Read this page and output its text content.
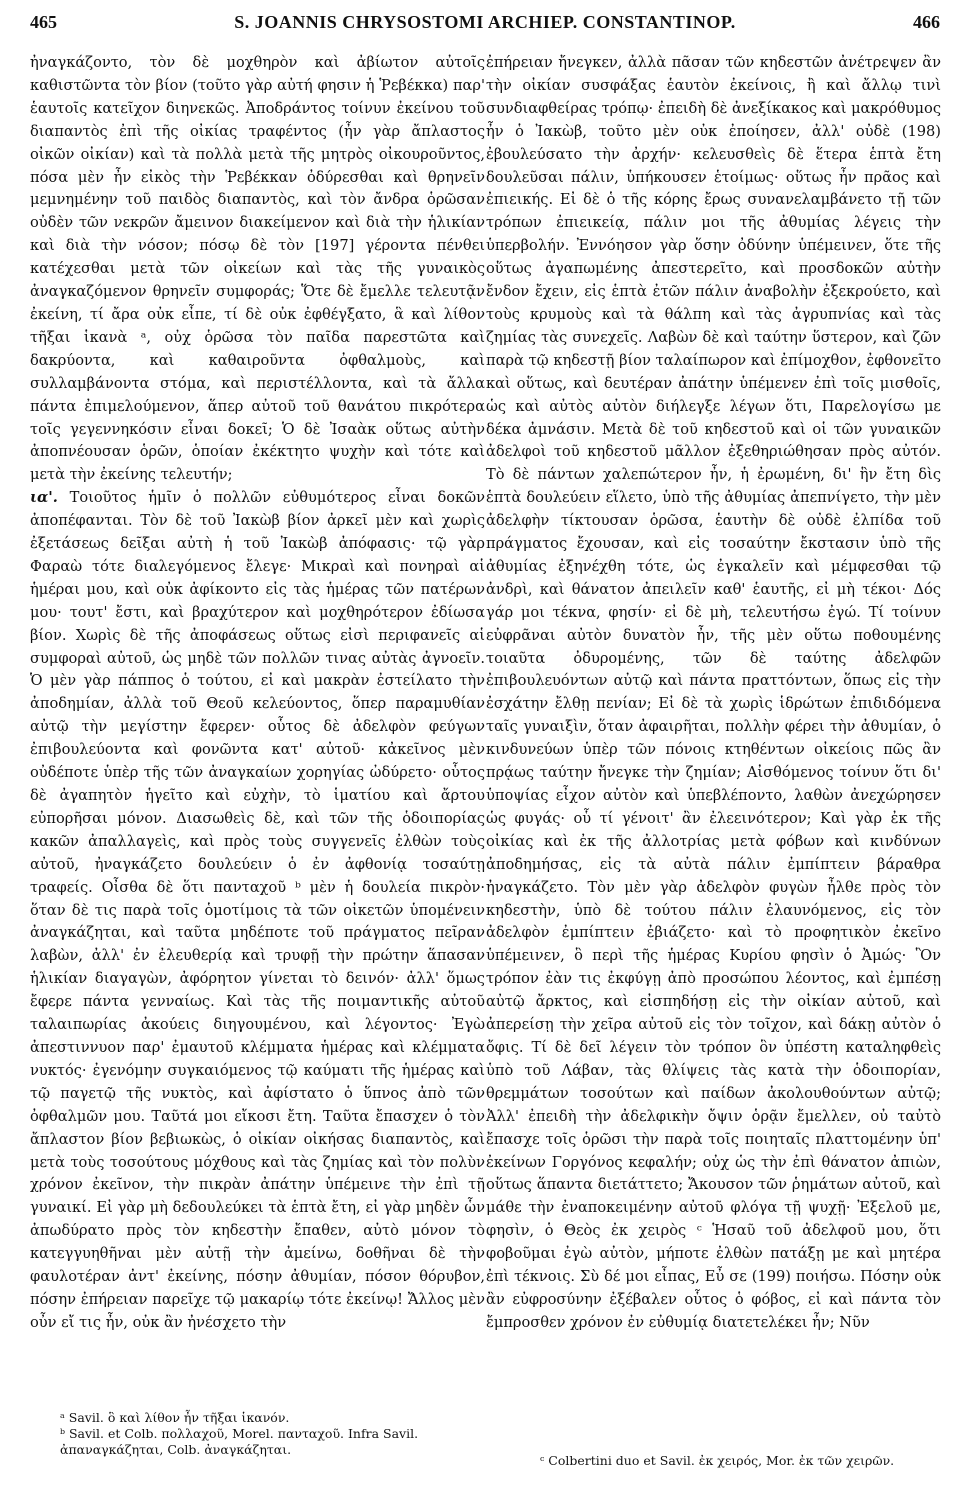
465	S. JOANNIS CHRYSOSTOMI ARCHIEP. CONSTANTINOP.	466

ἠναγκάζοντο, τὸν δὲ μοχθηρὸν καὶ ἀβίωτον αὐτοῖς καθιστῶντα τὸν βίον (τοῦτο γὰρ αὐτή φησιν ἡ Ῥεβέκκα) παρ' ἑαυτοῖς κατεῖχον διηνεκῶς. Ἀποδράντος τοίνυν ἐκείνου τοῦ διαπαντὸς ἐπὶ τῆς οἰκίας τραφέντος (ἦν γὰρ ἄπλαστος οἰκῶν οἰκίαν) καὶ τὰ πολλὰ μετὰ τῆς μητρὸς οἰκουροῦντος, πόσα μὲν ἦν εἰκὸς τὴν Ῥεβέκκαν ὀδύρεσθαι καὶ θρηνεῖν μεμνημένην τοῦ παιδὸς διαπαντὸς, καὶ τὸν ἄνδρα ὁρῶσαν οὐδὲν τῶν νεκρῶν ἄμεινον διακείμενον καὶ διὰ τὴν ἡλικίαν καὶ διὰ τὴν νόσον; πόσῳ δὲ τὸν [197] γέροντα πένθει κατέχεσθαι μετὰ τῶν οἰκείων καὶ τὰς τῆς γυναικὸς ἀναγκαζόμενον θρηνεῖν συμφοράς; Ὅτε δὲ ἔμελλε τελευτᾷν ἐκείνη, τί ἄρα οὐκ εἶπε, τί δὲ οὐκ ἐφθέγξατο, ἃ καὶ λίθον τῆξαι ἱκανὰ ᵃ, οὐχ ὁρῶσα τὸν παῖδα παρεστῶτα καὶ δακρύοντα, καὶ καθαιροῦντα ὀφθαλμοὺς, καὶ συλλαμβάνοντα στόμα, καὶ περιστέλλοντα, καὶ τὰ ἄλλα πάντα ἐπιμελούμενον, ἅπερ αὐτοῦ τοῦ θανάτου πικρότερα τοῖς γεγεννηκόσιν εἶναι δοκεῖ; Ὁ δὲ Ἰσαὰκ οὕτως αὐτὴν ἀποπνέουσαν ὁρῶν, ὁποίαν ἐκέκτητο ψυχὴν καὶ τότε καὶ μετὰ τὴν ἐκείνης τελευτήν;

ια'. Τοιοῦτος ἡμῖν ὁ πολλῶν εὐθυμότερος εἶναι δοκῶν ἀποπέφανται. Τὸν δὲ τοῦ Ἰακὼβ βίον ἀρκεῖ μὲν καὶ χωρὶς ἐξετάσεως δεῖξαι αὐτὴ ἡ τοῦ Ἰακὼβ ἀπόφασις· τῷ γὰρ Φαραὼ τότε διαλεγόμενος ἔλεγε· Μικραὶ καὶ πονηραὶ αἱ ἡμέραι μου, καὶ οὐκ ἀφίκοντο εἰς τὰς ἡμέρας τῶν πατέρων μου· τουτ' ἔστι, καὶ βραχύτερον καὶ μοχθηρότερον ἐδίωσα βίον. Χωρὶς δὲ τῆς ἀποφάσεως οὕτως εἰσὶ περιφανεῖς αἱ συμφοραὶ αὐτοῦ, ὡς μηδὲ τῶν πολλῶν τινας αὐτὰς ἀγνοεῖν. Ὁ μὲν γὰρ πάππος ὁ τούτου, εἰ καὶ μακρὰν ἐστείλατο τὴν ἀποδημίαν, ἀλλὰ τοῦ Θεοῦ κελεύοντος, ὅπερ παραμυθίαν αὐτῷ τὴν μεγίστην ἔφερεν· οὗτος δὲ ἀδελφὸν φεύγων ἐπιβουλεύοντα καὶ φονῶντα κατ' αὐτοῦ· κἀκεῖνος μὲν οὐδέποτε ὑπὲρ τῆς τῶν ἀναγκαίων χορηγίας ὠδύρετο· οὗτος δὲ ἀγαπητὸν ἡγεῖτο καὶ εὐχὴν, τὸ ἱματίου καὶ ἄρτου εὐπορῆσαι μόνον. Διασωθεὶς δὲ, καὶ τῶν τῆς ὁδοιπορίας κακῶν ἀπαλλαγεὶς, καὶ πρὸς τοὺς συγγενεῖς ἐλθὼν τοὺς αὐτοῦ, ἠναγκάζετο δουλεύειν ὁ ἐν ἀφθονίᾳ τοσαύτῃ τραφείς. Οἶσθα δὲ ὅτι πανταχοῦ ᵇ μὲν ἡ δουλεία πικρὸν· ὅταν δὲ τις παρὰ τοῖς ὁμοτίμοις τὰ τῶν οἰκετῶν ὑπομένειν ἀναγκάζηται, καὶ ταῦτα μηδέποτε τοῦ πράγματος πεῖραν λαβὼν, ἀλλ' ἐν ἐλευθερίᾳ καὶ τρυφῇ τὴν πρώτην ἅπασαν ἡλικίαν διαγαγὼν, ἀφόρητον γίνεται τὸ δεινόν· ἀλλ' ὅμως ἔφερε πάντα γενναίως. Καὶ τὰς τῆς ποιμαντικῆς αὐτοῦ ταλαιπωρίας ἀκούεις διηγουμένου, καὶ λέγοντος· Ἐγὼ ἀπεστιννυον παρ' ἐμαυτοῦ κλέμματα ἡμέρας καὶ κλέμματα νυκτός· ἐγενόμην συγκαιόμενος τῷ καύματι τῆς ἡμέρας καὶ τῷ παγετῷ τῆς νυκτὸς, καὶ ἀφίστατο ὁ ὕπνος ἀπὸ τῶν ὀφθαλμῶν μου. Ταῦτά μοι εἴκοσι ἔτη. Ταῦτα ἔπασχεν ὁ τὸν ἄπλαστον βίον βεβιωκὼς, ὁ οἰκίαν οἰκήσας διαπαντὸς, καὶ μετὰ τοὺς τοσούτους μόχθους καὶ τὰς ζημίας καὶ τὸν πολὺν χρόνον ἐκεῖνον, τὴν πικρὰν ἀπάτην ὑπέμεινε τὴν ἐπὶ τῇ γυναικί. Εἰ γὰρ μὴ δεδουλεύκει τὰ ἑπτὰ ἔτη, εἰ γὰρ μηδὲν ὧν ἀπωδύρατο πρὸς τὸν κηδεστὴν ἔπαθεν, αὐτὸ μόνον τὸ κατεγγυηθῆναι μὲν αὐτῇ τὴν ἀμείνω, δοθῆναι δὲ τὴν φαυλοτέραν ἀντ' ἐκείνης, πόσην ἀθυμίαν, πόσον θόρυβον, πόσην ἐπήρειαν παρεῖχε τῷ μακαρίῳ τότε ἐκείνῳ! Ἄλλος μὲν οὖν εἴ τις ἦν, οὐκ ἂν ἠνέσχετο τὴν

ἐπήρειαν ἤνεγκεν, ἀλλὰ πᾶσαν τῶν κηδεστῶν ἀνέτρεψεν ἂν τὴν οἰκίαν συσφάξας ἑαυτὸν ἐκείνοις, ἢ καὶ ἄλλῳ τινὶ συνδιαφθείρας τρόπῳ· ἐπειδὴ δὲ ἀνεξίκακος καὶ μακρόθυμος ἦν ὁ Ἰακὼβ, τοῦτο μὲν οὐκ ἐποίησεν, ἀλλ' οὐδὲ (198) ἐβουλεύσατο τὴν ἀρχήν· κελευσθεὶς δὲ ἕτερα ἑπτὰ ἔτη δουλεῦσαι πάλιν, ὑπήκουσεν ἑτοίμως· οὕτως ἦν πρᾶος καὶ ἐπιεικής. Εἰ δὲ ὁ τῆς κόρης ἔρως συνανελαμβάνετο τῇ τῶν τρόπων ἐπιεικείᾳ, πάλιν μοι τῆς ἀθυμίας λέγεις τὴν ὑπερβολήν. Ἐννόησον γὰρ ὅσην ὀδύνην ὑπέμεινεν, ὅτε τῆς οὕτως ἀγαπωμένης ἀπεστερεῖτο, καὶ προσδοκῶν αὐτὴν ἔνδον ἔχειν, εἰς ἑπτὰ ἐτῶν πάλιν ἀναβολὴν ἐξεκρούετο, καὶ τοὺς κρυμοὺς καὶ τὰ θάλπη καὶ τὰς ἀγρυπνίας καὶ τὰς ζημίας τὰς συνεχεῖς. Λαβὼν δὲ καὶ ταύτην ὕστερον, καὶ ζῶν παρὰ τῷ κηδεστῇ βίον ταλαίπωρον καὶ ἐπίμοχθον, ἐφθονεῖτο καὶ οὕτως, καὶ δευτέραν ἀπάτην ὑπέμενεν ἐπὶ τοῖς μισθοῖς, ὡς καὶ αὐτὸς αὐτὸν διήλεγξε λέγων ὅτι, Παρελογίσω με δέκα ἀμνάσιν. Μετὰ δὲ τοῦ κηδεστοῦ καὶ οἱ τῶν γυναικῶν ἀδελφοὶ τοῦ κηδεστοῦ μᾶλλον ἐξεθηριώθησαν πρὸς αὐτόν. Τὸ δὲ πάντων χαλεπώτερον ἦν, ἡ ἐρωμένη, δι' ἣν ἔτη δὶς ἑπτὰ δουλεύειν εἵλετο, ὑπὸ τῆς ἀθυμίας ἀπεπνίγετο, τὴν μὲν ἀδελφὴν τίκτουσαν ὁρῶσα, ἑαυτὴν δὲ οὐδὲ ἐλπίδα τοῦ πράγματος ἔχουσαν, καὶ εἰς τοσαύτην ἔκστασιν ὑπὸ τῆς ἀθυμίας ἐξηνέχθη τότε, ὡς ἐγκαλεῖν καὶ μέμφεσθαι τῷ ἀνδρὶ, καὶ θάνατον ἀπειλεῖν καθ' ἑαυτῆς, εἰ μὴ τέκοι· Δός γάρ μοι τέκνα, φησίν· εἰ δὲ μὴ, τελευτήσω ἐγώ. Τί τοίνυν εὐφρᾶναι αὐτὸν δυνατὸν ἦν, τῆς μὲν οὕτω ποθουμένης τοιαῦτα ὀδυρομένης, τῶν δὲ ταύτης ἀδελφῶν ἐπιβουλευόντων αὐτῷ καὶ πάντα πραττόντων, ὅπως εἰς τὴν ἐσχάτην ἔλθῃ πενίαν; Εἰ δὲ τὰ χωρὶς ἱδρώτων ἐπιδιδόμενα ταῖς γυναιξὶν, ὅταν ἀφαιρῆται, πολλὴν φέρει τὴν ἀθυμίαν, ὁ κινδυνεύων ὑπὲρ τῶν πόνοις κτηθέντων οἰκείοις πῶς ἂν πρᾴως ταύτην ἤνεγκε τὴν ζημίαν; Αἰσθόμενος τοίνυν ὅτι δι' ὑποψίας εἶχον αὐτὸν καὶ ὑπεβλέποντο, λαθὼν ἀνεχώρησεν ὡς φυγάς· οὗ τί γένοιτ' ἂν ἐλεεινότερον; Καὶ γὰρ ἐκ τῆς οἰκίας καὶ ἐκ τῆς ἀλλοτρίας μετὰ φόβων καὶ κινδύνων ἀποδημήσας, εἰς τὰ αὐτὰ πάλιν ἐμπίπτειν βάραθρα ἠναγκάζετο. Τὸν μὲν γὰρ ἀδελφὸν φυγὼν ἦλθε πρὸς τὸν κηδεστὴν, ὑπὸ δὲ τούτου πάλιν ἐλαυνόμενος, εἰς τὸν ἀδελφὸν ἐμπίπτειν ἐβιάζετο· καὶ τὸ προφητικὸν ἐκεῖνο ὑπέμεινεν, ὃ περὶ τῆς ἡμέρας Κυρίου φησὶν ὁ Ἀμώς· Ὃν τρόπον ἐὰν τις ἐκφύγῃ ἀπὸ προσώπου λέοντος, καὶ ἐμπέσῃ αὐτῷ ἄρκτος, καὶ εἰσπηδήσῃ εἰς τὴν οἰκίαν αὐτοῦ, καὶ ἀπερείσῃ τὴν χεῖρα αὐτοῦ εἰς τὸν τοῖχον, καὶ δάκῃ αὐτὸν ὁ ὄφις. Τί δὲ δεῖ λέγειν τὸν τρόπον ὃν ὑπέστη καταληφθεὶς ὑπὸ τοῦ Λάβαν, τὰς θλίψεις τὰς κατὰ τὴν ὁδοιπορίαν, θρεμμάτων τοσούτων καὶ παίδων ἀκολουθούντων αὐτῷ; Ἀλλ' ἐπειδὴ τὴν ἀδελφικὴν ὄψιν ὁρᾷν ἔμελλεν, οὐ ταὐτὸ ἔπασχε τοῖς ὁρῶσι τὴν παρὰ τοῖς ποιηταῖς πλαττομένην ὑπ' ἐκείνων Γοργόνος κεφαλήν; οὐχ ὡς τὴν ἐπὶ θάνατον ἀπιὼν, οὕτως ἅπαντα διετάττετο; Ἄκουσον τῶν ῥημάτων αὐτοῦ, καὶ μάθε τὴν ἐναποκειμένην αὐτοῦ φλόγα τῇ ψυχῇ· Ἐξελοῦ με, φησὶν, ὁ Θεὸς ἐκ χειρὸς ᶜ Ἡσαῦ τοῦ ἀδελφοῦ μου, ὅτι φοβοῦμαι ἐγὼ αὐτὸν, μήποτε ἐλθὼν πατάξῃ με καὶ μητέρα ἐπὶ τέκνοις. Σὺ δέ μοι εἶπας, Εὖ σε (199) ποιήσω. Πόσην οὐκ ἂν εὐφροσύνην ἐξέβαλεν οὗτος ὁ φόβος, εἰ καὶ πάντα τὸν ἔμπροσθεν χρόνον ἐν εὐθυμίᾳ διατετελέκει ἦν; Νῦν

ᵃ Savil. ὃ καὶ λίθον ἦν τῆξαι ἱκανόν.

ᵇ Savil. et Colb. πολλαχοῦ, Morel. πανταχοῦ. Infra Savil. ἀπαναγκάζηται, Colb. ἀναγκάζηται.

ᶜ Colbertini duo et Savil. ἐκ χειρός, Mor. ἐκ τῶν χειρῶν.
